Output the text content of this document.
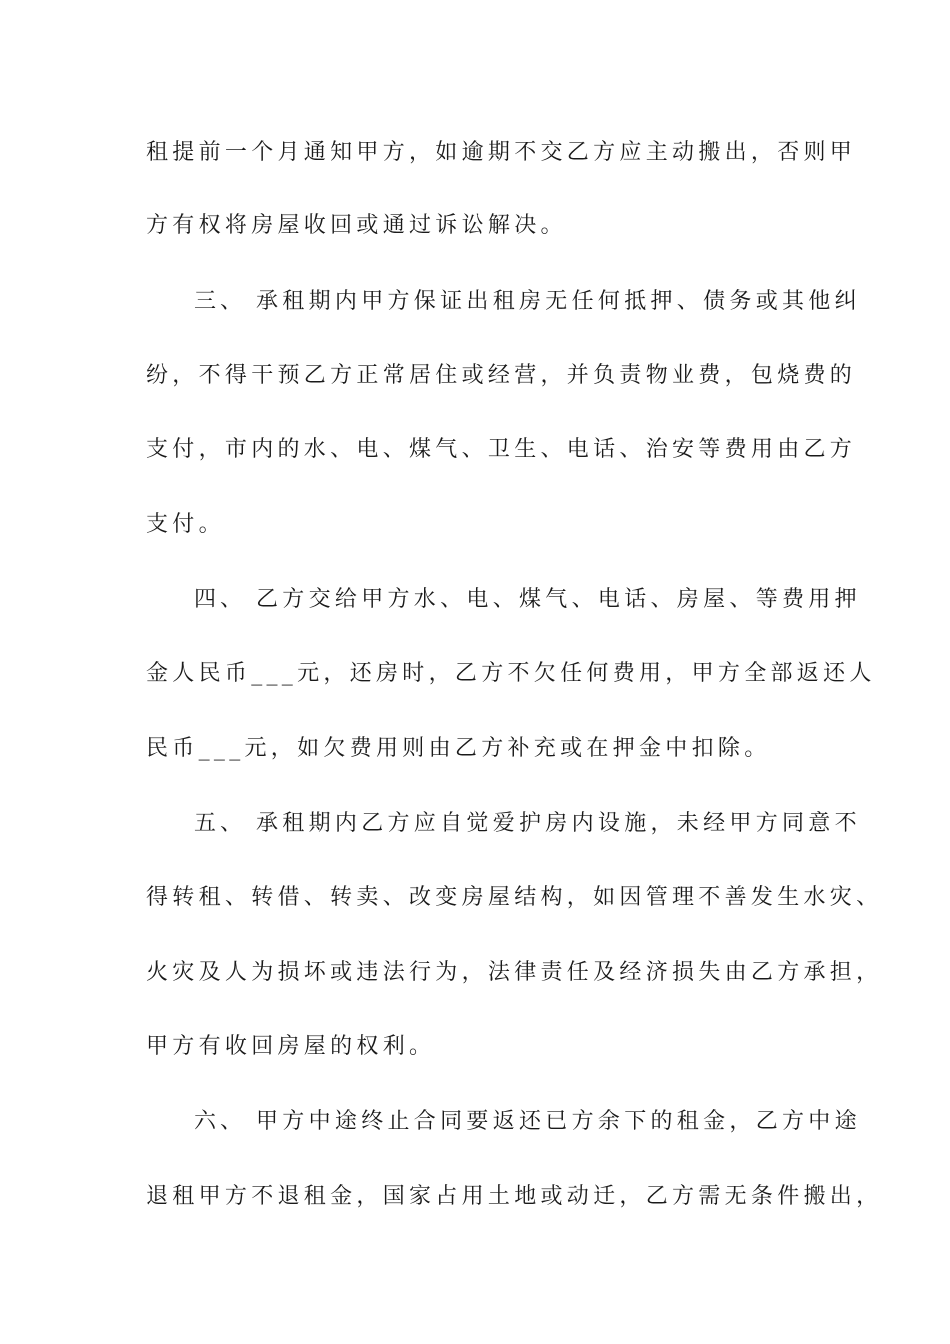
租提前一个月通知甲方，如逾期不交乙方应主动搬出，否则甲
方有权将房屋收回或通过诉讼解决。
三、 承租期内甲方保证出租房无任何抵押、债务或其他纠
纷，不得干预乙方正常居住或经营，并负责物业费，包烧费的
支付，市内的水、电、煤气、卫生、电话、治安等费用由乙方
支付。
四、 乙方交给甲方水、电、煤气、电话、房屋、等费用押
金人民币___元，还房时，乙方不欠任何费用，甲方全部返还人
民币___元，如欠费用则由乙方补充或在押金中扣除。
五、 承租期内乙方应自觉爱护房内设施，未经甲方同意不
得转租、转借、转卖、改变房屋结构，如因管理不善发生水灾、
火灾及人为损坏或违法行为，法律责任及经济损失由乙方承担，
甲方有收回房屋的权利。
六、 甲方中途终止合同要返还已方余下的租金，乙方中途
退租甲方不退租金，国家占用土地或动迁，乙方需无条件搬出，
